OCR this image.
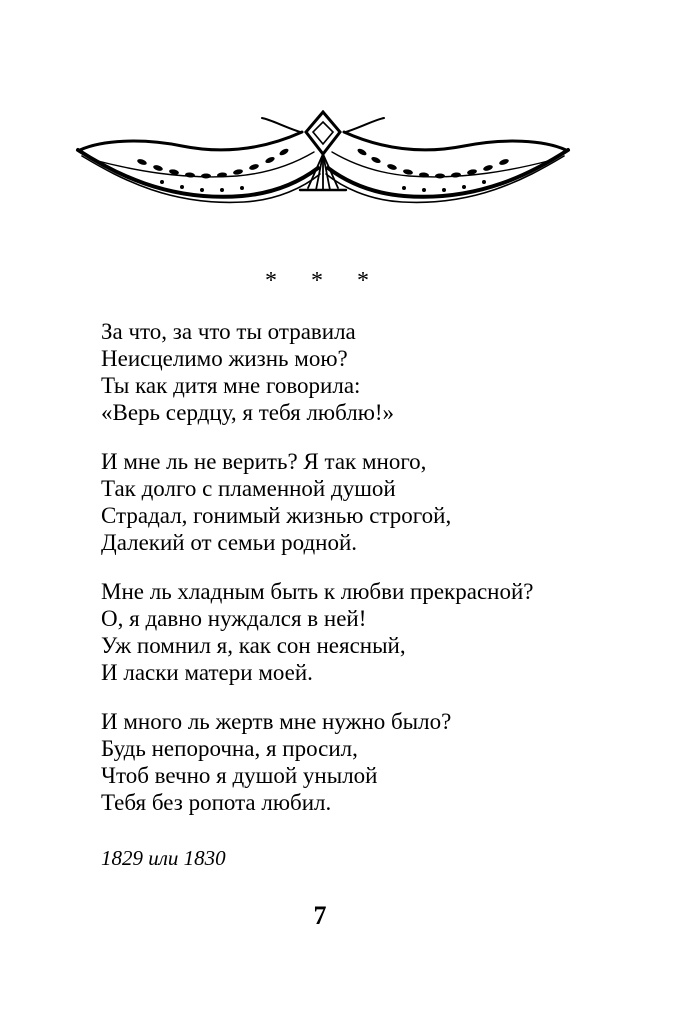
* * *
За что, за что ты отравила
Неисцелимо жизнь мою?
Ты как дитя мне говорила:
«Верь сердцу, я тебя люблю!»
И мне ль не верить? Я так много,
Так долго с пламенной душой
Страдал, гонимый жизнью строгой,
Далекий от семьи родной.
Мне ль хладным быть к любви прекрасной?
О, я давно нуждался в ней!
Уж помнил я, как сон неясный,
И ласки матери моей.
И много ль жертв мне нужно было?
Будь непорочна, я просил,
Чтоб вечно я душой унылой
Тебя без ропота любил.
1829 или 1830
7
